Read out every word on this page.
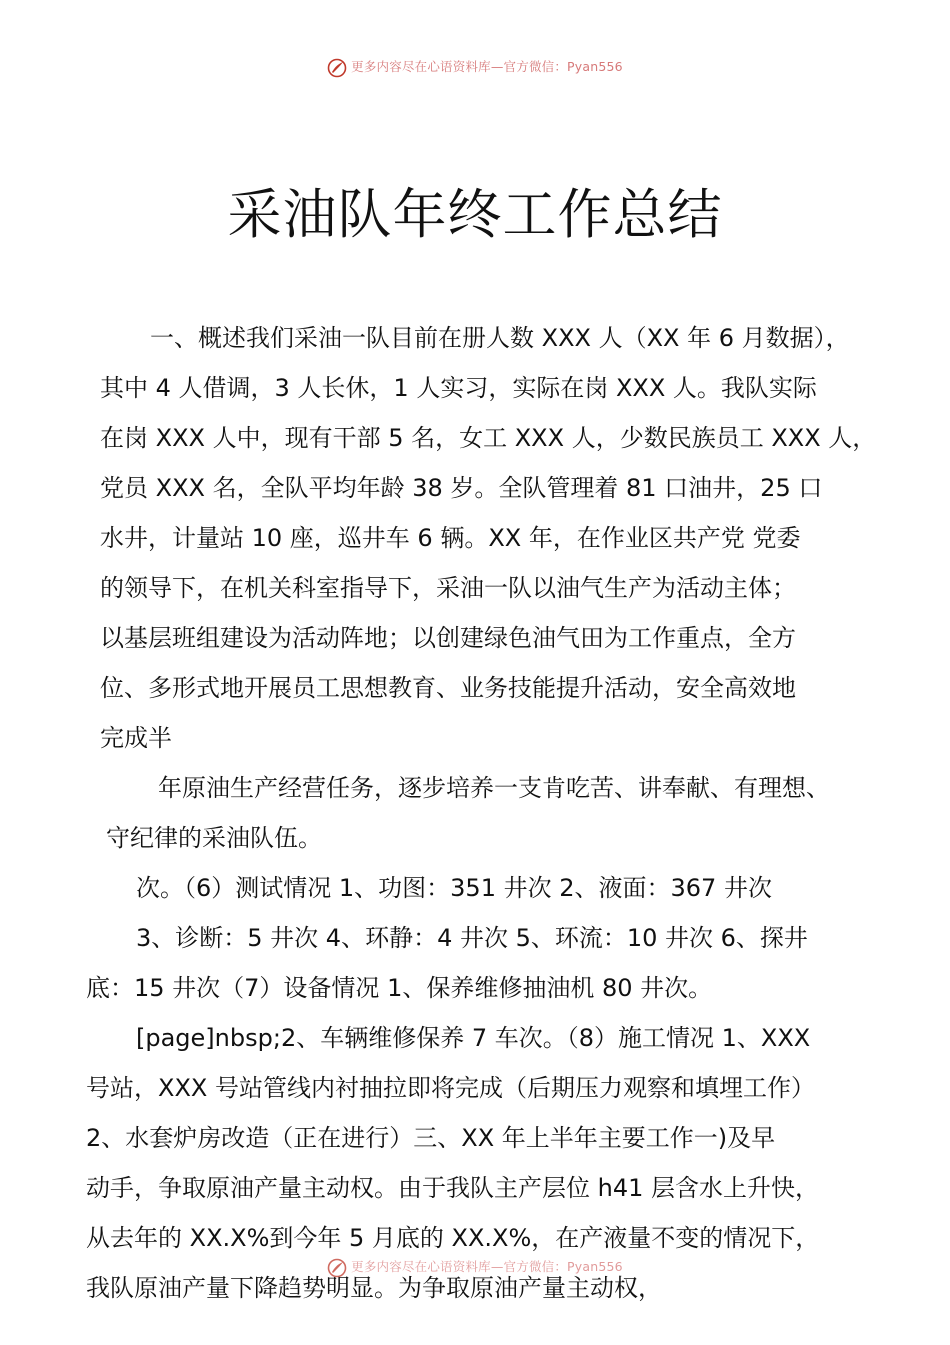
更多内容尽在心语资料库—官方微信：Pyan556
采油队年终工作总结
一、概述我们采油一队目前在册人数 XXX 人（XX 年 6 月数据），
其中 4 人借调，3 人长休，1 人实习，实际在岗 XXX 人。我队实际
在岗 XXX 人中，现有干部 5 名，女工 XXX 人，少数民族员工 XXX 人，
党员 XXX 名，全队平均年龄 38 岁。全队管理着 81 口油井，25 口
水井，计量站 10 座，巡井车 6 辆。XX 年，在作业区共产党 党委
的领导下，在机关科室指导下，采油一队以油气生产为活动主体；
以基层班组建设为活动阵地；以创建绿色油气田为工作重点，全方
位、多形式地开展员工思想教育、业务技能提升活动，安全高效地
完成半
年原油生产经营任务，逐步培养一支肯吃苦、讲奉献、有理想、
守纪律的采油队伍。
次。（6）测试情况 1、功图：351 井次 2、液面：367 井次
3、诊断：5 井次 4、环静：4 井次 5、环流：10 井次 6、探井
底：15 井次（7）设备情况 1、保养维修抽油机 80 井次。
[page]nbsp;2、车辆维修保养 7 车次。（8）施工情况 1、XXX
号站，XXX 号站管线内衬抽拉即将完成（后期压力观察和填埋工作）
2、水套炉房改造（正在进行）三、XX 年上半年主要工作一)及早
动手，争取原油产量主动权。由于我队主产层位 h41 层含水上升快，
从去年的 XX.X%到今年 5 月底的 XX.X%，在产液量不变的情况下，
我队原油产量下降趋势明显。为争取原油产量主动权，
更多内容尽在心语资料库—官方微信：Pyan556
